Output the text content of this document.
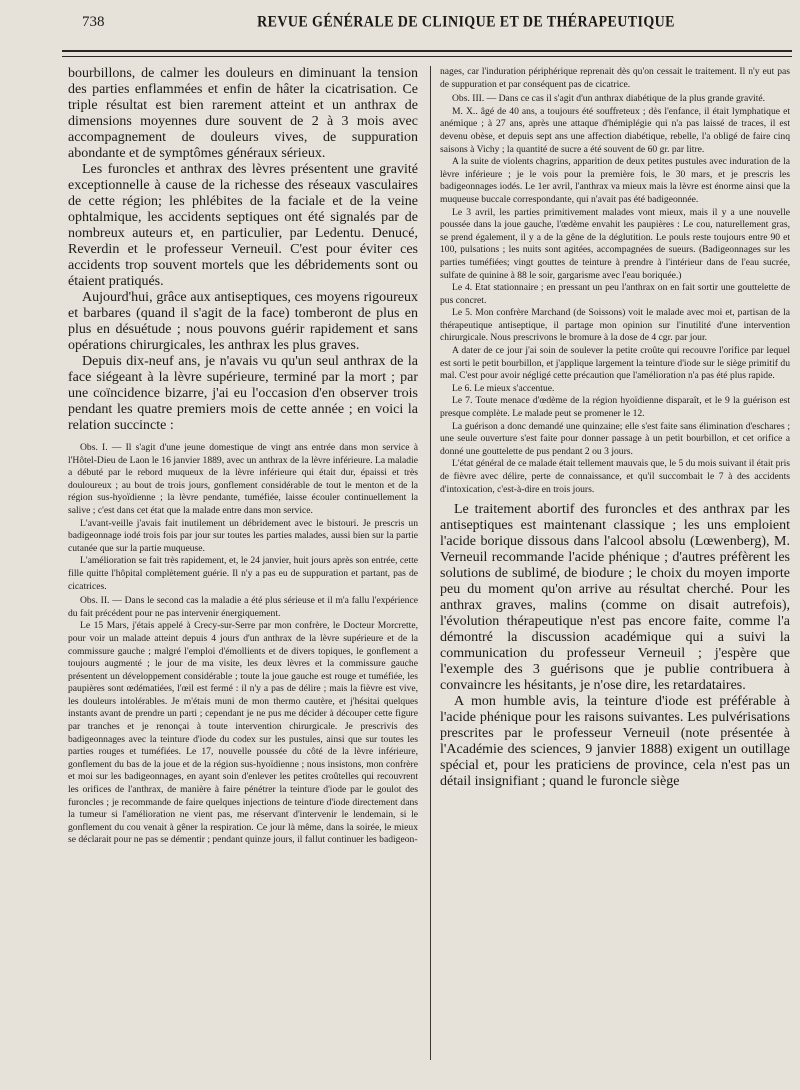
738	REVUE GÉNÉRALE DE CLINIQUE ET DE THÉRAPEUTIQUE

bourbillons, de calmer les douleurs en diminuant la tension des parties enflammées et enfin de hâter la cicatrisation. Ce triple résultat est bien rarement atteint et un anthrax de dimensions moyennes dure souvent de 2 à 3 mois avec accompagnement de douleurs vives, de suppuration abondante et de symptômes généraux sérieux.

Les furoncles et anthrax des lèvres présentent une gravité exceptionnelle à cause de la richesse des réseaux vasculaires de cette région; les phlébites de la faciale et de la veine ophtalmique, les accidents septiques ont été signalés par de nombreux auteurs et, en particulier, par Ledentu. Denucé, Reverdin et le professeur Verneuil. C'est pour éviter ces accidents trop souvent mortels que les débridements sont ou étaient pratiqués.

Aujourd'hui, grâce aux antiseptiques, ces moyens rigoureux et barbares (quand il s'agit de la face) tomberont de plus en plus en désuétude ; nous pouvons guérir rapidement et sans opérations chirurgicales, les anthrax les plus graves.

Depuis dix-neuf ans, je n'avais vu qu'un seul anthrax de la face siégeant à la lèvre supérieure, terminé par la mort ; par une coïncidence bizarre, j'ai eu l'occasion d'en observer trois pendant les quatre premiers mois de cette année ; en voici la relation succincte :

Obs. I. — Il s'agit d'une jeune domestique de vingt ans entrée dans mon service à l'Hôtel-Dieu de Laon le 16 janvier 1889, avec un anthrax de la lèvre inférieure. La maladie a débuté par le rebord muqueux de la lèvre inférieure qui était dur, épaissi et très douloureux ; au bout de trois jours, gonflement considérable de tout le menton et de la région sus-hyoïdienne ; la lèvre pendante, tuméfiée, laisse écouler continuellement la salive ; c'est dans cet état que la malade entre dans mon service.

L'avant-veille j'avais fait inutilement un débridement avec le bistouri. Je prescris un badigeonnage iodé trois fois par jour sur toutes les parties malades, aussi bien sur la partie cutanée que sur la partie muqueuse.

L'amélioration se fait très rapidement, et, le 24 janvier, huit jours après son entrée, cette fille quitte l'hôpital complètement guérie. Il n'y a pas eu de suppuration et partant, pas de cicatrices.

Obs. II. — Dans le second cas la maladie a été plus sérieuse et il m'a fallu l'expérience du fait précédent pour ne pas intervenir énergiquement.

Le 15 Mars, j'étais appelé à Crecy-sur-Serre par mon confrère, le Docteur Morcrette, pour voir un malade atteint depuis 4 jours d'un anthrax de la lèvre supérieure et de la commissure gauche ; malgré l'emploi d'émollients et de divers topiques, le gonflement a toujours augmenté ; le jour de ma visite, les deux lèvres et la commissure gauche présentent un développement considérable ; toute la joue gauche est rouge et tuméfiée, les paupières sont œdématiées, l'œil est fermé : il n'y a pas de délire ; mais la fièvre est vive, les douleurs intolérables. Je m'étais muni de mon thermo cautère, et j'hésitai quelques instants avant de prendre un parti ; cependant je ne pus me décider à découper cette figure par tranches et je renonçai à toute intervention chirurgicale. Je prescrivis des badigeonnages avec la teinture d'iode du codex sur les pustules, ainsi que sur toutes les parties rouges et tuméfiées. Le 17, nouvelle poussée du côté de la lèvre inférieure, gonflement du bas de la joue et de la région sus-hyoïdienne ; nous insistons, mon confrère et moi sur les badigeonnages, en ayant soin d'enlever les petites croûtelles qui recouvrent les orifices de l'anthrax, de manière à faire pénétrer la teinture d'iode par le goulot des furoncles ; je recommande de faire quelques injections de teinture d'iode directement dans la tumeur si l'amélioration ne vient pas, me réservant d'intervenir le lendemain, si le gonflement du cou venait à gêner la respiration. Ce jour là même, dans la soirée, le mieux se déclarait pour ne pas se démentir ; pendant quinze jours, il fallut continuer les badigeon-

nages, car l'induration périphérique reprenait dès qu'on cessait le traitement. Il n'y eut pas de suppuration et par conséquent pas de cicatrice.

Obs. III. — Dans ce cas il s'agit d'un anthrax diabétique de la plus grande gravité.

M. X.. âgé de 40 ans, a toujours été souffreteux ; dès l'enfance, il était lymphatique et anémique ; à 27 ans, après une attaque d'hémiplégie qui n'a pas laissé de traces, il est devenu obèse, et depuis sept ans une affection diabétique, rebelle, l'a obligé de faire cinq saisons à Vichy ; la quantité de sucre a été souvent de 60 gr. par litre.

A la suite de violents chagrins, apparition de deux petites pustules avec induration de la lèvre inférieure ; je le vois pour la première fois, le 30 mars, et je prescris les badigeonnages iodés. Le 1er avril, l'anthrax va mieux mais la lèvre est énorme ainsi que la muqueuse buccale correspondante, qui n'avait pas été badigeonnée.

Le 3 avril, les parties primitivement malades vont mieux, mais il y a une nouvelle poussée dans la joue gauche, l'œdème envahit les paupières : Le cou, naturellement gras, se prend également, il y a de la gêne de la déglutition. Le pouls reste toujours entre 90 et 100, pulsations ; les nuits sont agitées, accompagnées de sueurs. (Badigeonnages sur les parties tuméfiées; vingt gouttes de teinture à prendre à l'intérieur dans de l'eau sucrée, sulfate de quinine à 88 le soir, gargarisme avec l'eau boriquée.)

Le 4. Etat stationnaire ; en pressant un peu l'anthrax on en fait sortir une gouttelette de pus concret.

Le 5. Mon confrère Marchand (de Soissons) voit le malade avec moi et, partisan de la thérapeutique antiseptique, il partage mon opinion sur l'inutilité d'une intervention chirurgicale. Nous prescrivons le bromure à la dose de 4 cgr. par jour.

A dater de ce jour j'ai soin de soulever la petite croûte qui recouvre l'orifice par lequel est sorti le petit bourbillon, et j'applique largement la teinture d'iode sur le siège primitif du mal. C'est pour avoir négligé cette précaution que l'amélioration n'a pas été plus rapide.

Le 6. Le mieux s'accentue.

Le 7. Toute menace d'œdème de la région hyoïdienne disparaît, et le 9 la guérison est presque complète. Le malade peut se promener le 12.

La guérison a donc demandé une quinzaine; elle s'est faite sans élimination d'eschares ; une seule ouverture s'est faite pour donner passage à un petit bourbillon, et cet orifice a donné une gouttelette de pus pendant 2 ou 3 jours.

L'état général de ce malade était tellement mauvais que, le 5 du mois suivant il était pris de fièvre avec délire, perte de connaissance, et qu'il succombait le 7 à des accidents d'intoxication, c'est-à-dire en trois jours.

Le traitement abortif des furoncles et des anthrax par les antiseptiques est maintenant classique ; les uns emploient l'acide borique dissous dans l'alcool absolu (Lœwenberg), M. Verneuil recommande l'acide phénique ; d'autres préfèrent les solutions de sublimé, de biodure ; le choix du moyen importe peu du moment qu'on arrive au résultat cherché. Pour les anthrax graves, malins (comme on disait autrefois), l'évolution thérapeutique n'est pas encore faite, comme l'a démontré la discussion académique qui a suivi la communication du professeur Verneuil ; j'espère que l'exemple des 3 guérisons que je publie contribuera à convaincre les hésitants, je n'ose dire, les retardataires.

A mon humble avis, la teinture d'iode est préférable à l'acide phénique pour les raisons suivantes. Les pulvérisations prescrites par le professeur Verneuil (note présentée à l'Académie des sciences, 9 janvier 1888) exigent un outillage spécial et, pour les praticiens de province, cela n'est pas un détail insignifiant ; quand le furoncle siège
